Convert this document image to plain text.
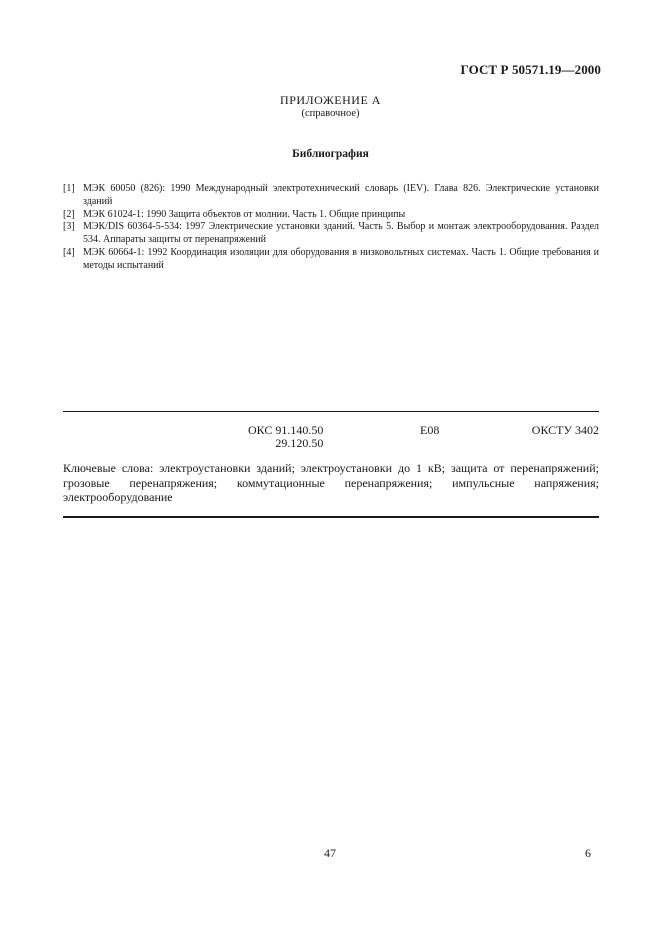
ГОСТ Р 50571.19—2000
ПРИЛОЖЕНИЕ А
(справочное)
Библиография
[1] МЭК 60050 (826): 1990 Международный электротехнический словарь (IEV). Глава 826. Электрические установки зданий
[2] МЭК 61024-1: 1990 Защита объектов от молнии. Часть 1. Общие принципы
[3] МЭК/DIS 60364-5-534: 1997 Электрические установки зданий. Часть 5. Выбор и монтаж электрооборудования. Раздел 534. Аппараты защиты от перенапряжений
[4] МЭК 60664-1: 1992 Координация изоляции для оборудования в низковольтных системах. Часть 1. Общие требования и методы испытаний
ОКС 91.140.50
29.120.50
Е08	ОКСТУ 3402

Ключевые слова: электроустановки зданий; электроустановки до 1 кВ; защита от перенапряжений; грозовые перенапряжения; коммутационные перенапряжения; импульсные напряжения; электрооборудование

47	6
